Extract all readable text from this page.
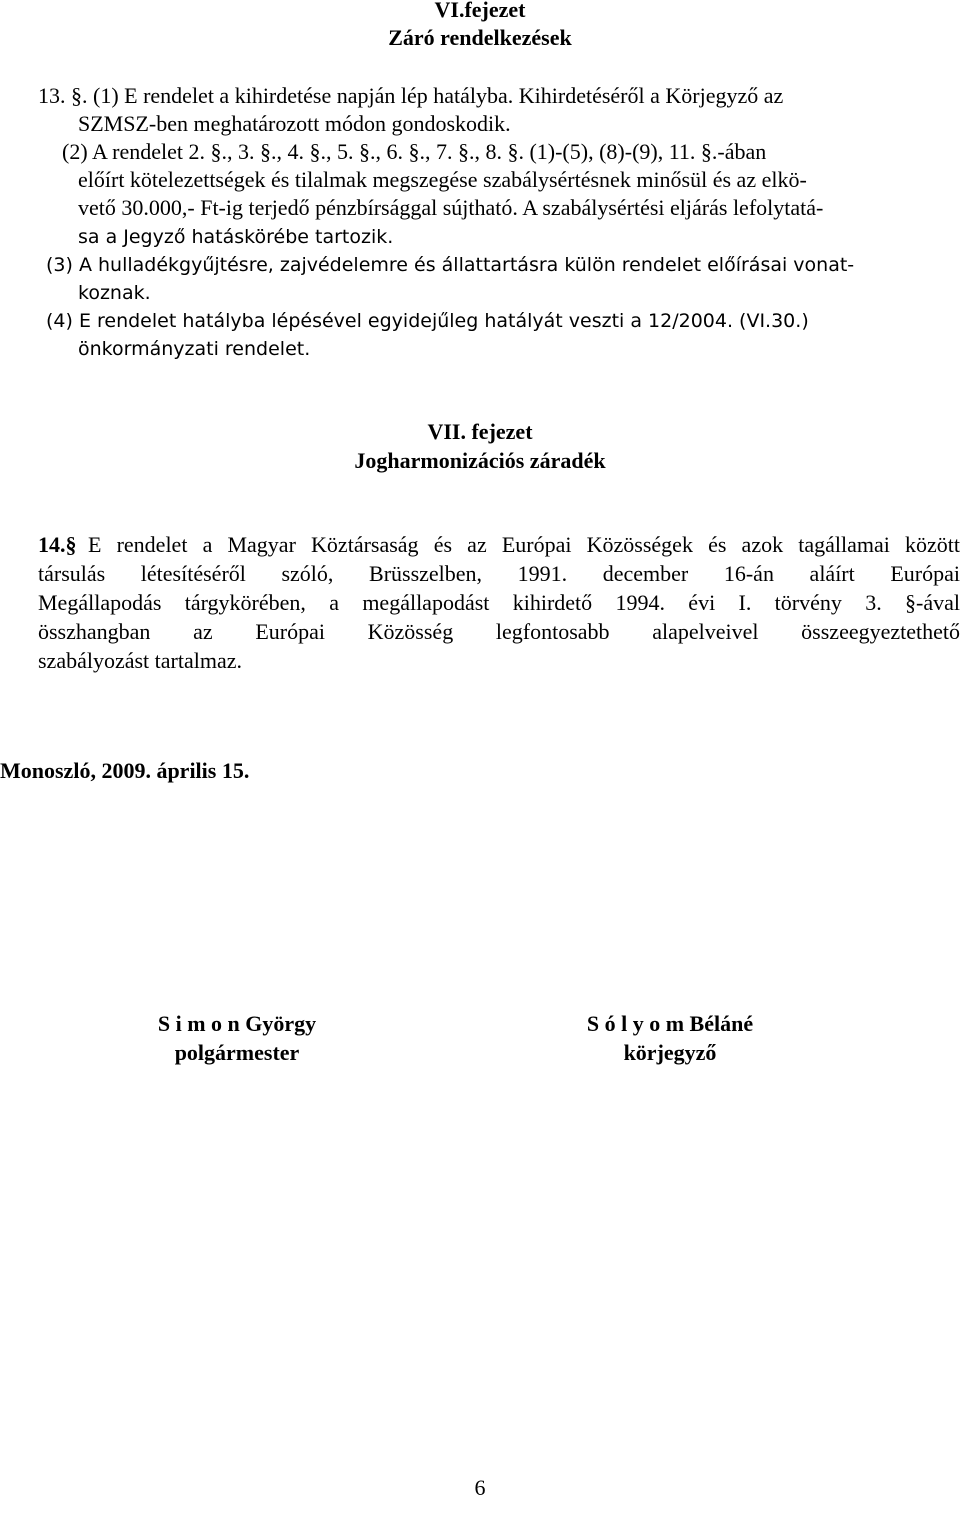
VI.fejezet
Záró rendelkezések
13. §. (1) E rendelet a kihirdetése napján lép hatályba. Kihirdetéséről a Körjegyző az
SZMSZ-ben meghatározott módon gondoskodik.
(2) A rendelet 2. §., 3. §., 4. §., 5. §., 6. §., 7. §., 8. §. (1)-(5), (8)-(9), 11. §.-ában
előírt kötelezettségek és tilalmak megszegése szabálysértésnek minősül és az elkö-
vető 30.000,- Ft-ig terjedő pénzbírsággal sújtható. A szabálysértési eljárás lefolytatá-
sa a Jegyző hatáskörébe tartozik.
(3) A hulladékgyűjtésre, zajvédelemre és állattartásra külön rendelet előírásai vonat-
koznak.
(4) E rendelet hatályba lépésével egyidejűleg hatályát veszti a 12/2004. (VI.30.)
önkormányzati rendelet.
VII. fejezet
Jogharmonizációs záradék
14.§ E rendelet a Magyar Köztársaság és az Európai Közösségek és azok tagállamai között
társulás létesítéséről szóló, Brüsszelben, 1991. december 16-án aláírt Európai
Megállapodás tárgykörében, a megállapodást kihirdető 1994. évi I. törvény 3. §-ával
összhangban az Európai Közösség legfontosabb alapelveivel összeegyeztethető
szabályozást tartalmaz.
Monoszló, 2009. április 15.
S i m o n György
polgármester
S ó l y o m Béláné
körjegyző
6
